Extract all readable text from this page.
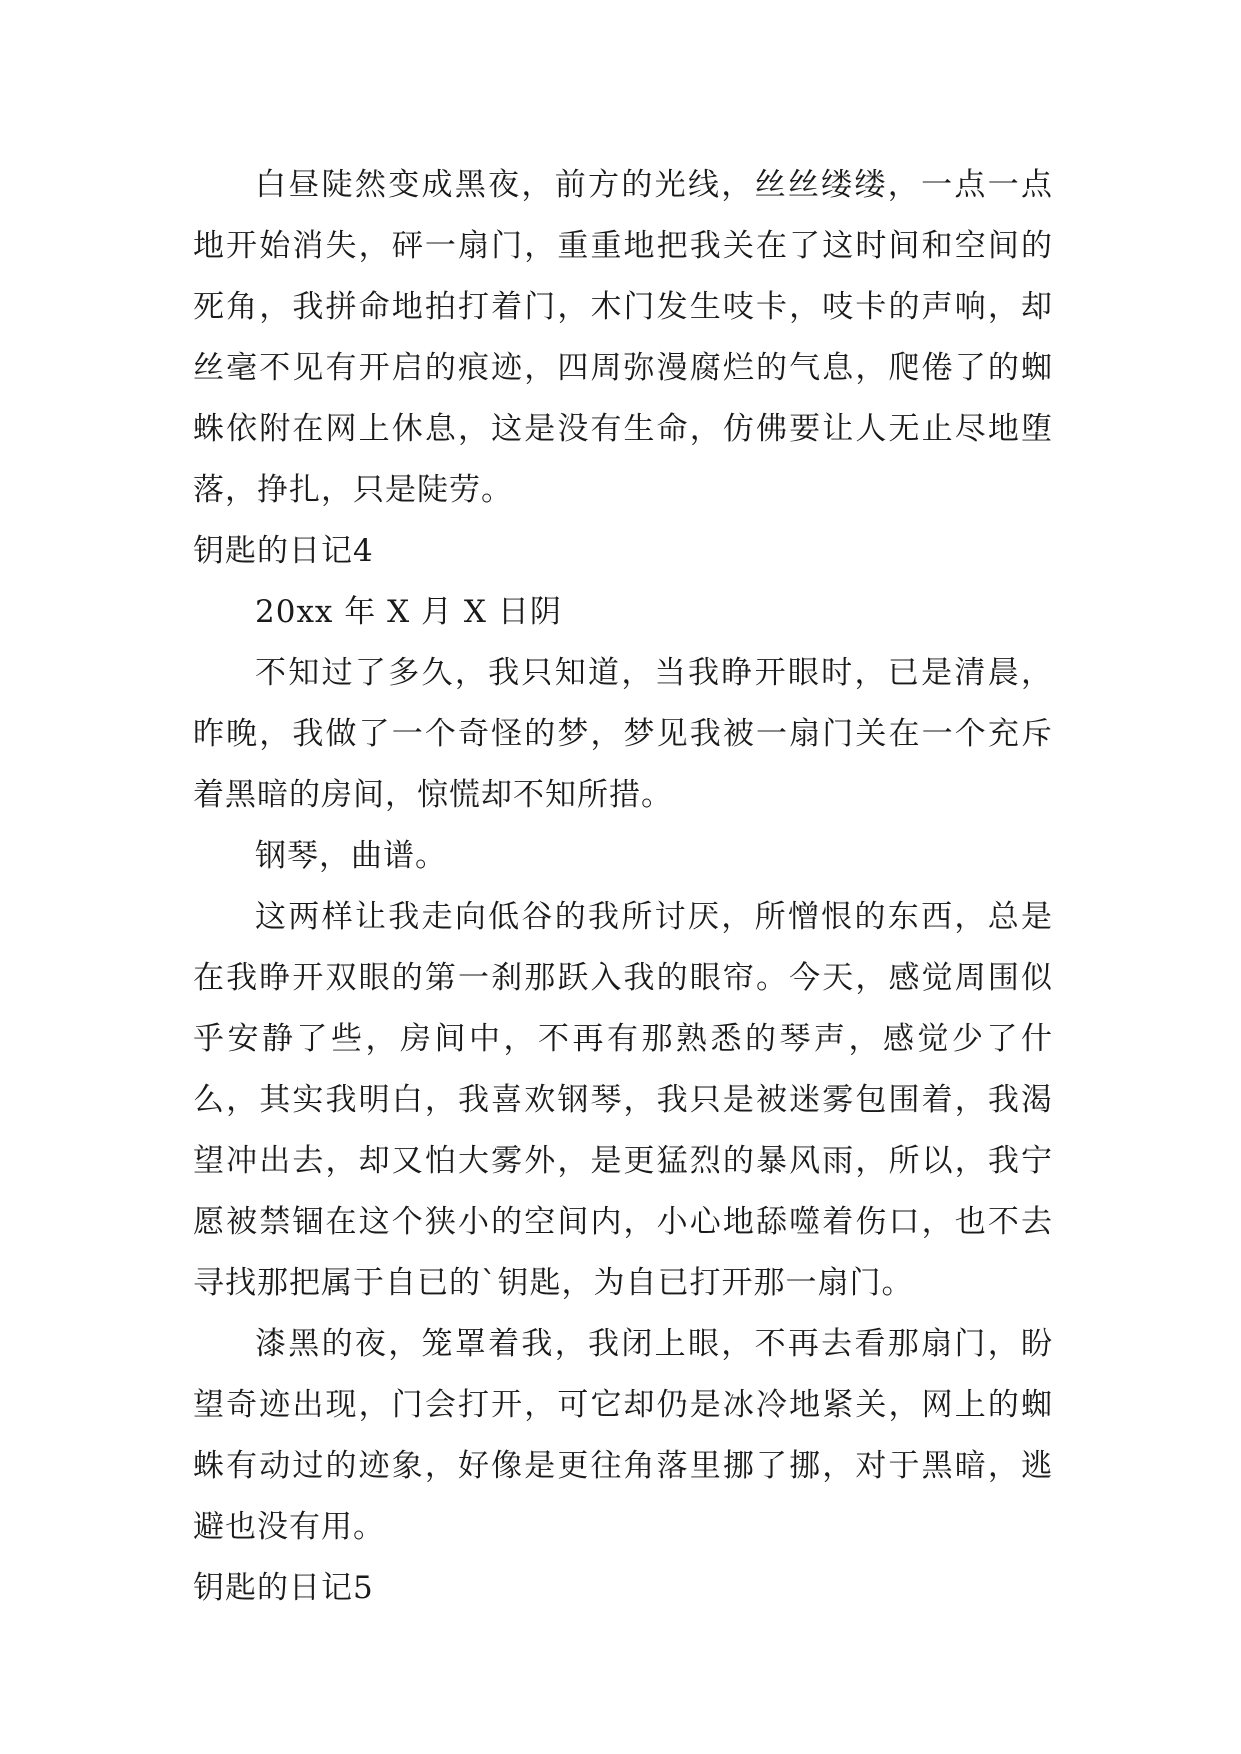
白昼陡然变成黑夜，前方的光线，丝丝缕缕，一点一点地开始消失，砰一扇门，重重地把我关在了这时间和空间的死角，我拼命地拍打着门，木门发生吱卡，吱卡的声响，却丝毫不见有开启的痕迹，四周弥漫腐烂的气息，爬倦了的蜘蛛依附在网上休息，这是没有生命，仿佛要让人无止尽地堕落，挣扎，只是陡劳。

钥匙的日记4

20xx 年 X 月 X 日阴

不知过了多久，我只知道，当我睁开眼时，已是清晨，昨晚，我做了一个奇怪的梦，梦见我被一扇门关在一个充斥着黑暗的房间，惊慌却不知所措。

钢琴，曲谱。

这两样让我走向低谷的我所讨厌，所憎恨的东西，总是在我睁开双眼的第一刹那跃入我的眼帘。今天，感觉周围似乎安静了些，房间中，不再有那熟悉的琴声，感觉少了什么，其实我明白，我喜欢钢琴，我只是被迷雾包围着，我渴望冲出去，却又怕大雾外，是更猛烈的暴风雨，所以，我宁愿被禁锢在这个狭小的空间内，小心地舔噬着伤口，也不去寻找那把属于自已的`钥匙，为自已打开那一扇门。

漆黑的夜，笼罩着我，我闭上眼，不再去看那扇门，盼望奇迹出现，门会打开，可它却仍是冰冷地紧关，网上的蜘蛛有动过的迹象，好像是更往角落里挪了挪，对于黑暗，逃避也没有用。

钥匙的日记5
